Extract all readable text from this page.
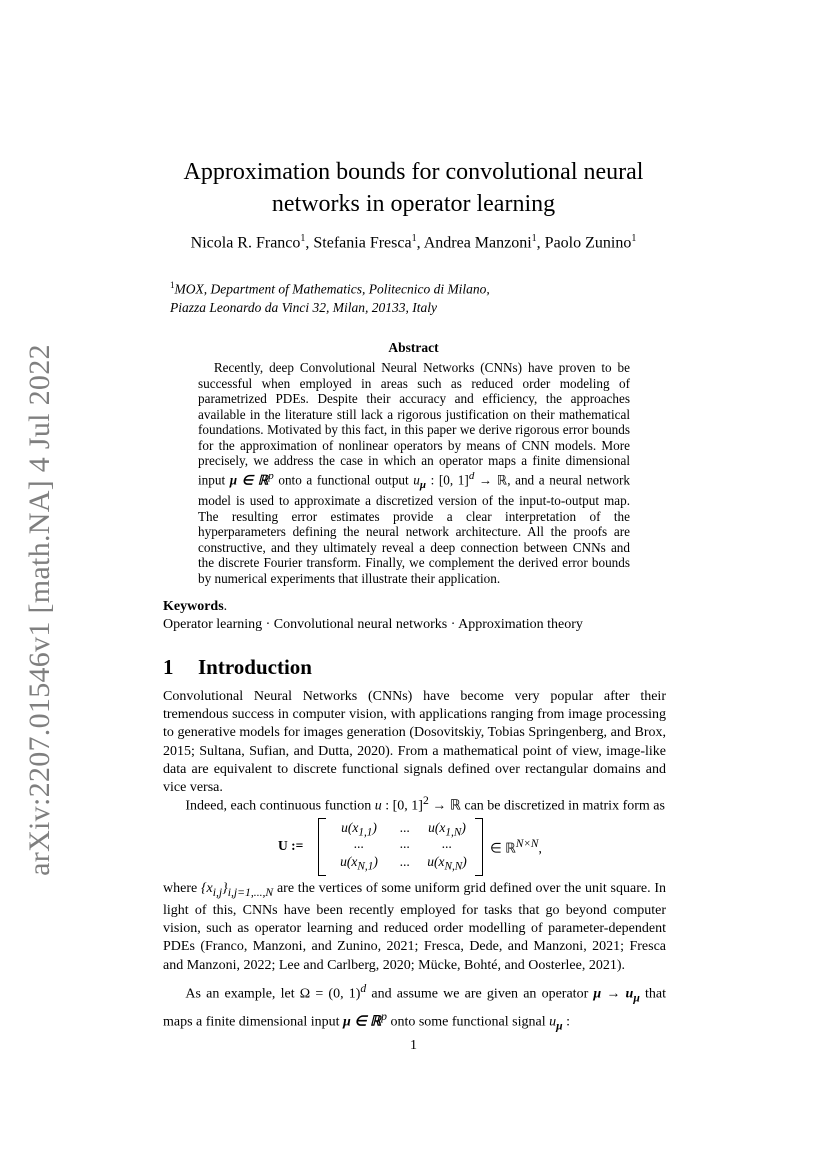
arXiv:2207.01546v1 [math.NA] 4 Jul 2022
Approximation bounds for convolutional neural networks in operator learning
Nicola R. Franco$^1$, Stefania Fresca$^1$, Andrea Manzoni$^1$, Paolo Zunino$^1$
$^1$MOX, Department of Mathematics, Politecnico di Milano,
Piazza Leonardo da Vinci 32, Milan, 20133, Italy
Abstract
Recently, deep Convolutional Neural Networks (CNNs) have proven to be successful when employed in areas such as reduced order modeling of parametrized PDEs. Despite their accuracy and efficiency, the approaches available in the literature still lack a rigorous justification on their mathematical foundations. Motivated by this fact, in this paper we derive rigorous error bounds for the approximation of nonlinear operators by means of CNN models. More precisely, we address the case in which an operator maps a finite dimensional input μ ∈ ℝ$^p$ onto a functional output $u_\mu$ : [0, 1]$^d$ → ℝ, and a neural network model is used to approximate a discretized version of the input-to-output map. The resulting error estimates provide a clear interpretation of the hyperparameters defining the neural network architecture. All the proofs are constructive, and they ultimately reveal a deep connection between CNNs and the discrete Fourier transform. Finally, we complement the derived error bounds by numerical experiments that illustrate their application.
Keywords.
Operator learning · Convolutional neural networks · Approximation theory
1 Introduction
Convolutional Neural Networks (CNNs) have become very popular after their tremendous success in computer vision, with applications ranging from image processing to generative models for images generation (Dosovitskiy, Tobias Springenberg, and Brox, 2015; Sultana, Sufian, and Dutta, 2020). From a mathematical point of view, image-like data are equivalent to discrete functional signals defined over rectangular domains and vice versa.
Indeed, each continuous function u : [0, 1]$^2$ → ℝ can be discretized in matrix form as
U :=
$u(x_{1,1})$	...	$u(x_{1,N})$
...	...	...
$u(x_{N,1})$	...	$u(x_{N,N})$
∈ ℝ$^{N\times N}$,
where $\{x_{i,j}\}_{i,j=1,...,N}$ are the vertices of some uniform grid defined over the unit square. In light of this, CNNs have been recently employed for tasks that go beyond computer vision, such as operator learning and reduced order modelling of parameter-dependent PDEs (Franco, Manzoni, and Zunino, 2021; Fresca, Dede, and Manzoni, 2021; Fresca and Manzoni, 2022; Lee and Carlberg, 2020; Mücke, Bohté, and Oosterlee, 2021).
As an example, let Ω = (0, 1)$^d$ and assume we are given an operator $\mu \to u_\mu$ that maps a finite dimensional input μ ∈ ℝ$^p$ onto some functional signal $u_\mu$ :
1
